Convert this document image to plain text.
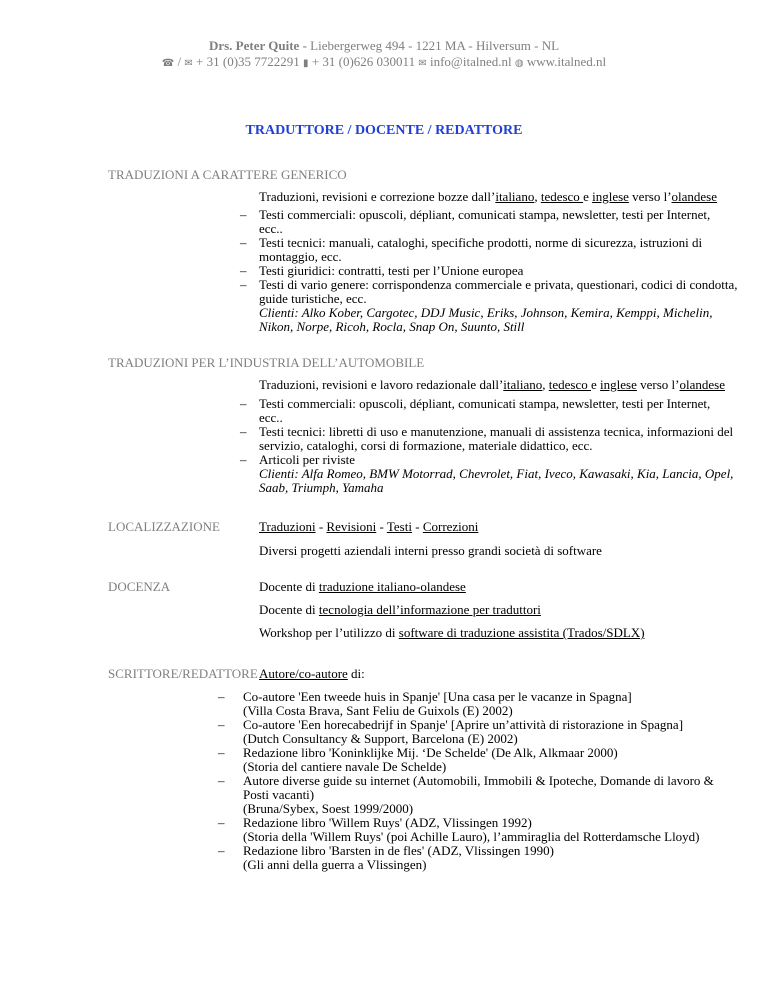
Drs. Peter Quite - Liebergerweg 494 - 1221 MA - Hilversum - NL
☎ / ✉ + 31 (0)35 7722291 ▮ + 31 (0)626 030011 ✉ info@italned.nl ◍ www.italned.nl
TRADUTTORE / DOCENTE / REDATTORE
TRADUZIONI A CARATTERE GENERICO
Traduzioni, revisioni e correzione bozze dall’italiano, tedesco e inglese verso l’olandese
– Testi commerciali: opuscoli, dépliant, comunicati stampa, newsletter, testi per Internet,
ecc..
– Testi tecnici: manuali, cataloghi, specifiche prodotti, norme di sicurezza, istruzioni di
montaggio, ecc.
– Testi giuridici: contratti, testi per l’Unione europea
– Testi di vario genere: corrispondenza commerciale e privata, questionari, codici di condotta,
guide turistiche, ecc.
Clienti: Alko Kober, Cargotec, DDJ Music, Eriks, Johnson, Kemira, Kemppi, Michelin,
Nikon, Norpe, Ricoh, Rocla, Snap On, Suunto, Still
TRADUZIONI PER L’INDUSTRIA DELL’AUTOMOBILE
Traduzioni, revisioni e lavoro redazionale dall’italiano, tedesco e inglese verso l’olandese
– Testi commerciali: opuscoli, dépliant, comunicati stampa, newsletter, testi per Internet,
ecc..
– Testi tecnici: libretti di uso e manutenzione, manuali di assistenza tecnica, informazioni del
servizio, cataloghi, corsi di formazione, materiale didattico, ecc.
– Articoli per riviste
Clienti: Alfa Romeo, BMW Motorrad, Chevrolet, Fiat, Iveco, Kawasaki, Kia, Lancia, Opel,
Saab, Triumph, Yamaha
LOCALIZZAZIONE	Traduzioni - Revisioni - Testi - Correzioni
Diversi progetti aziendali interni presso grandi società di software
DOCENZA	Docente di traduzione italiano-olandese
Docente di tecnologia dell’informazione per traduttori
Workshop per l’utilizzo di software di traduzione assistita (Trados/SDLX)
SCRITTORE/REDATTORE Autore/co-autore di:
– Co-autore 'Een tweede huis in Spanje' [Una casa per le vacanze in Spagna]
(Villa Costa Brava, Sant Feliu de Guixols (E) 2002)
– Co-autore 'Een horecabedrijf in Spanje' [Aprire un’attività di ristorazione in Spagna]
(Dutch Consultancy & Support, Barcelona (E) 2002)
– Redazione libro 'Koninklijke Mij. ‘De Schelde' (De Alk, Alkmaar 2000)
(Storia del cantiere navale De Schelde)
– Autore diverse guide su internet (Automobili, Immobili & Ipoteche, Domande di lavoro &
Posti vacanti)
(Bruna/Sybex, Soest 1999/2000)
– Redazione libro 'Willem Ruys' (ADZ, Vlissingen 1992)
(Storia della 'Willem Ruys' (poi Achille Lauro), l’ammiraglia del Rotterdamsche Lloyd)
– Redazione libro 'Barsten in de fles' (ADZ, Vlissingen 1990)
(Gli anni della guerra a Vlissingen)
